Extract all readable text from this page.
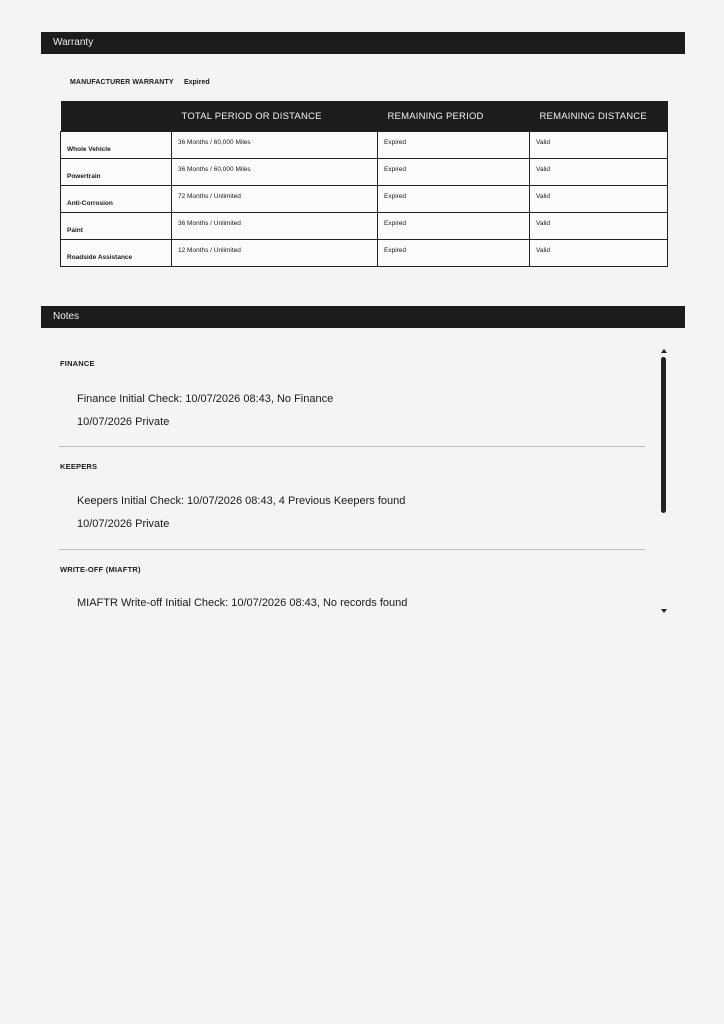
Warranty
MANUFACTURER WARRANTY Expired
	TOTAL PERIOD OR DISTANCE	REMAINING PERIOD	REMAINING DISTANCE
Whole Vehicle	36 Months / 60,000 Miles	Expired	Valid
Powertrain	36 Months / 60,000 Miles	Expired	Valid
Anti-Corrosion	72 Months / Unlimited	Expired	Valid
Paint	36 Months / Unlimited	Expired	Valid
Roadside Assistance	12 Months / Unlimited	Expired	Valid
Notes
FINANCE
Finance Initial Check: 10/07/2026 08:43, No Finance
10/07/2026 Private
KEEPERS
Keepers Initial Check: 10/07/2026 08:43, 4 Previous Keepers found
10/07/2026 Private
WRITE-OFF (MIAFTR)
MIAFTR Write-off Initial Check: 10/07/2026 08:43, No records found
